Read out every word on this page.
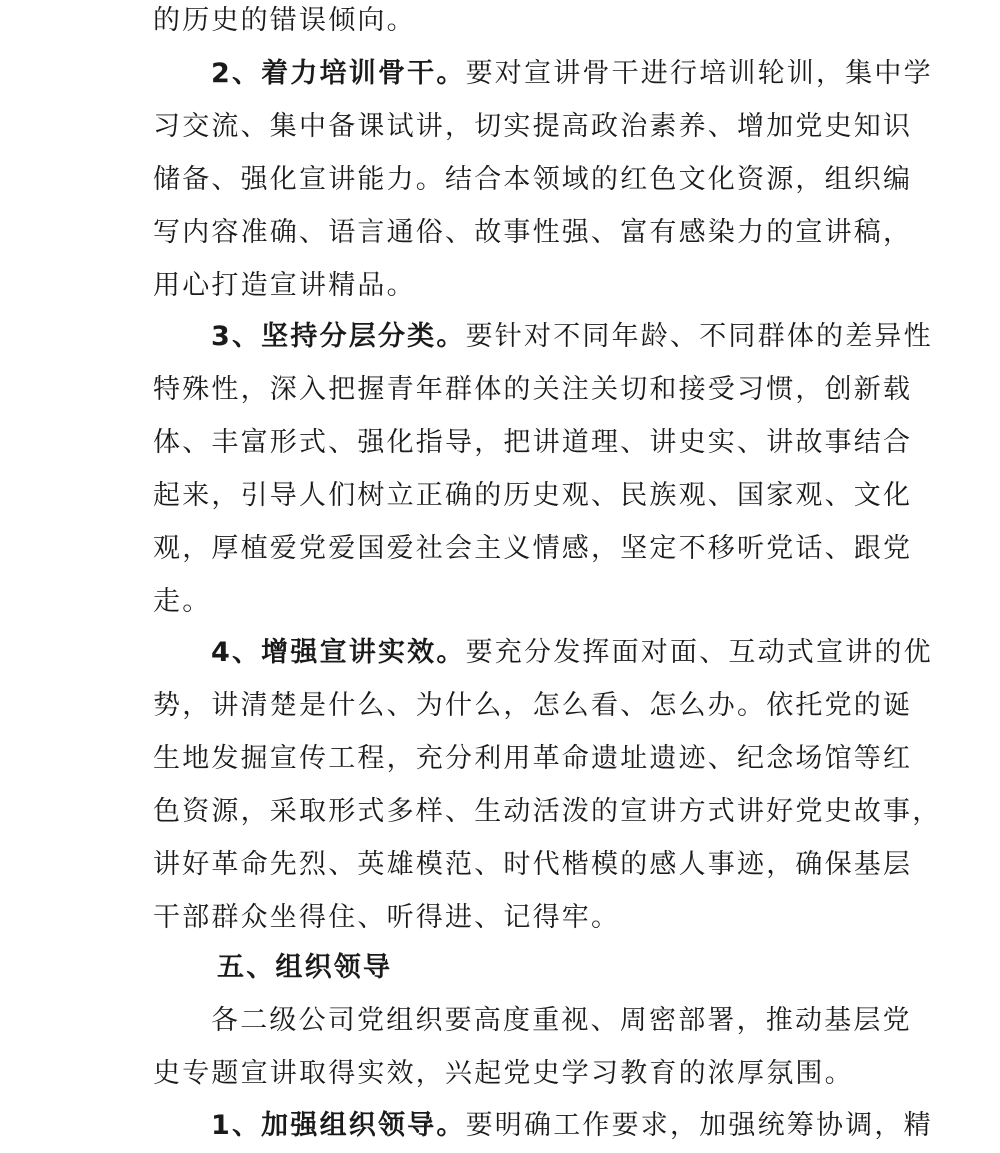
的历史的错误倾向。
2、着力培训骨干。要对宣讲骨干进行培训轮训，集中学
习交流、集中备课试讲，切实提高政治素养、增加党史知识
储备、强化宣讲能力。结合本领域的红色文化资源，组织编
写内容准确、语言通俗、故事性强、富有感染力的宣讲稿，
用心打造宣讲精品。
3、坚持分层分类。要针对不同年龄、不同群体的差异性
特殊性，深入把握青年群体的关注关切和接受习惯，创新载
体、丰富形式、强化指导，把讲道理、讲史实、讲故事结合
起来，引导人们树立正确的历史观、民族观、国家观、文化
观，厚植爱党爱国爱社会主义情感，坚定不移听党话、跟党
走。
4、增强宣讲实效。要充分发挥面对面、互动式宣讲的优
势，讲清楚是什么、为什么，怎么看、怎么办。依托党的诞
生地发掘宣传工程，充分利用革命遗址遗迹、纪念场馆等红
色资源，采取形式多样、生动活泼的宣讲方式讲好党史故事，
讲好革命先烈、英雄模范、时代楷模的感人事迹，确保基层
干部群众坐得住、听得进、记得牢。
五、组织领导
各二级公司党组织要高度重视、周密部署，推动基层党
史专题宣讲取得实效，兴起党史学习教育的浓厚氛围。
1、加强组织领导。要明确工作要求，加强统筹协调，精
